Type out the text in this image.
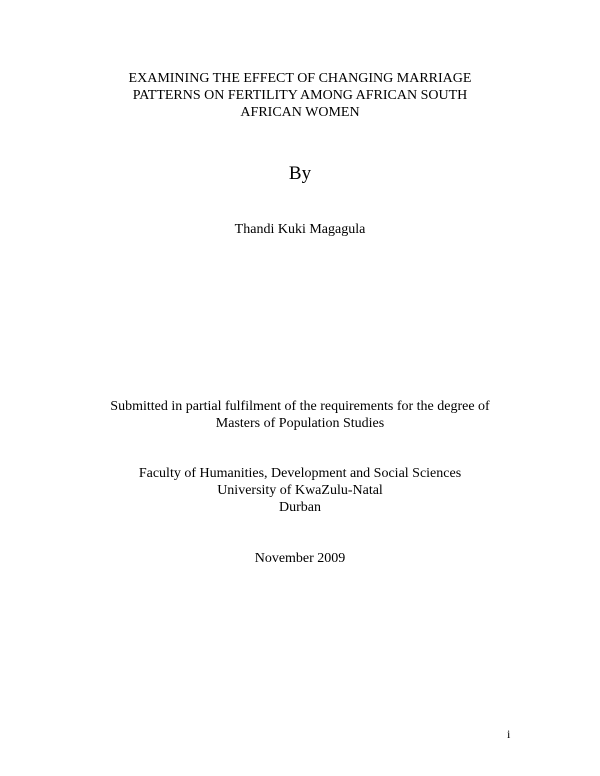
EXAMINING THE EFFECT OF CHANGING MARRIAGE
PATTERNS ON FERTILITY AMONG AFRICAN SOUTH
AFRICAN WOMEN
By
Thandi Kuki Magagula
Submitted in partial fulfilment of the requirements for the degree of
Masters of Population Studies
Faculty of Humanities, Development and Social Sciences
University of KwaZulu-Natal
Durban
November 2009
i
